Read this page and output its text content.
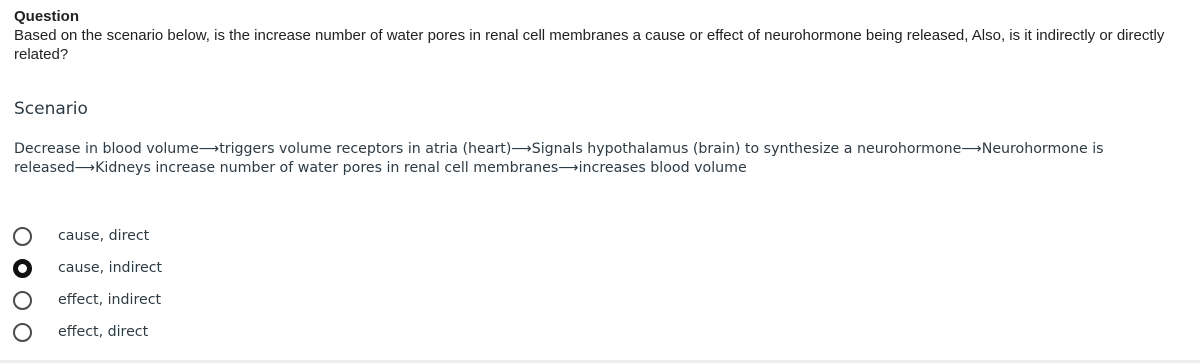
Question
Based on the scenario below, is the increase number of water pores in renal cell membranes a cause or effect of neurohormone being released, Also, is it indirectly or directly related?
Scenario
Decrease in blood volume⟶triggers volume receptors in atria (heart)⟶Signals hypothalamus (brain) to synthesize a neurohormone⟶Neurohormone is released⟶Kidneys increase number of water pores in renal cell membranes⟶increases blood volume
cause, direct
cause, indirect
effect, indirect
effect, direct
